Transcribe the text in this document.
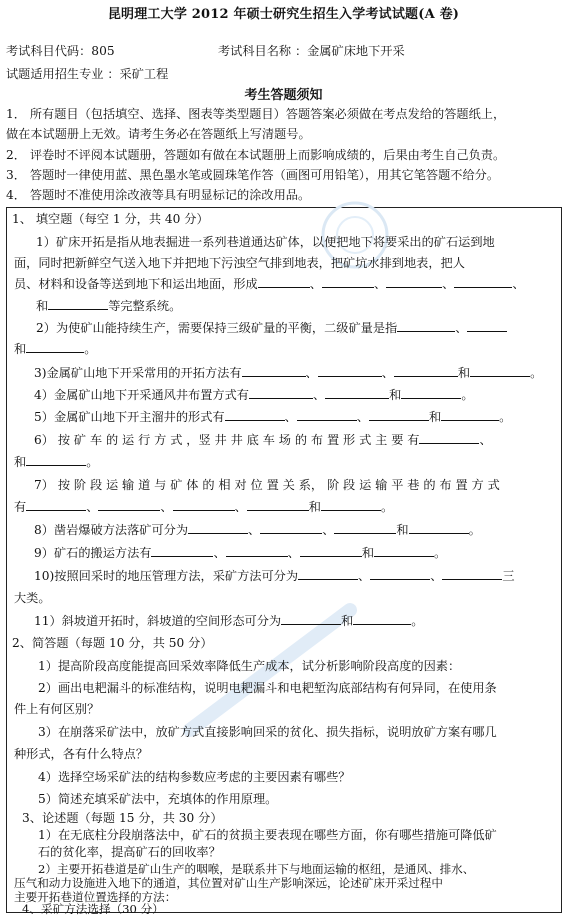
昆明理工大学 2012 年硕士研究生招生入学考试试题(A 卷)
考试科目代码：805	考试科目名称 ：金属矿床地下开采
试题适用招生专业 ：采矿工程
考生答题须知
1． 所有题目（包括填空、选择、图表等类型题目）答题答案必须做在考点发给的答题纸上，
做在本试题册上无效。请考生务必在答题纸上写清题号。
2． 评卷时不评阅本试题册，答题如有做在本试题册上而影响成绩的，后果由考生自己负责。
3． 答题时一律使用蓝、黑色墨水笔或圆珠笔作答（画图可用铅笔），用其它笔答题不给分。
4． 答题时不准使用涂改液等具有明显标记的涂改用品。
1、 填空题（每空 1 分，共 40 分）
1）矿床开拓是指从地表掘进一系列巷道通达矿体，以便把地下将要采出的矿石运到地
面，同时把新鲜空气送入地下并把地下污浊空气排到地表，把矿坑水排到地表，把人
员、材料和设备等送到地下和运出地面，形成	、	、	、	、
和	等完整系统。
2）为使矿山能持续生产，需要保持三级矿量的平衡，二级矿量是指	、
和	。
3)金属矿山地下开采常用的开拓方法有	、	、	和	。
4）金属矿山地下开采通风井布置方式有	、	和	。
5）金属矿山地下开主溜井的形式有	、	、	和	。
6） 按 矿 车 的 运 行 方 式 ，竖 井 井 底 车 场 的 布 置 形 式 主 要 有	、
和	。
7） 按 阶 段 运 输 道 与 矿 体 的 相 对 位 置 关 系， 阶 段 运 输 平 巷 的 布 置 方 式
有	、	、	、	和	。
8）凿岩爆破方法落矿可分为	、	、	和	。
9）矿石的搬运方法有	、	、	和	。
10)按照回采时的地压管理方法，采矿方法可分为	、	、	三
大类。
11）斜坡道开拓时，斜坡道的空间形态可分为	和	。
2、简答题（每题 10 分，共 50 分）
1）提高阶段高度能提高回采效率降低生产成本，试分析影响阶段高度的因素：
2）画出电耙漏斗的标准结构，说明电耙漏斗和电耙堑沟底部结构有何异同，在使用条
件上有何区别？
3）在崩落采矿法中，放矿方式直接影响回采的贫化、损失指标，说明放矿方案有哪几
种形式，各有什么特点？
4）选择空场采矿法的结构参数应考虑的主要因素有哪些？
5）简述充填采矿法中，充填体的作用原理。
3、论述题（每题 15 分，共 30 分）
1）在无底柱分段崩落法中，矿石的贫损主要表现在哪些方面，你有哪些措施可降低矿
石的贫化率，提高矿石的回收率？
2）主要开拓巷道是矿山生产的咽喉，是联系井下与地面运输的枢纽，是通风、排水、
压气和动力设施进入地下的通道，其位置对矿山生产影响深远，论述矿床开采过程中
主要开拓巷道位置选择的方法：
4、采矿方法选择（30 分）
